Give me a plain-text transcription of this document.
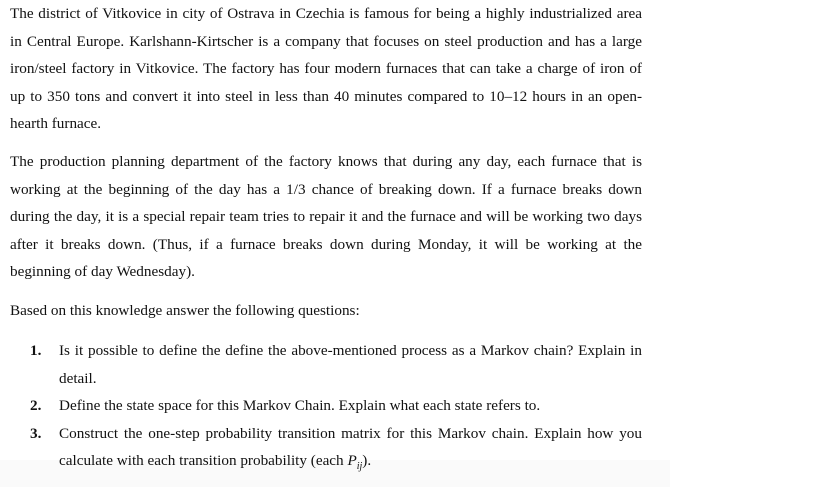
The district of Vitkovice in city of Ostrava in Czechia is famous for being a highly industrialized area in Central Europe. Karlshann-Kirtscher is a company that focuses on steel production and has a large iron/steel factory in Vitkovice. The factory has four modern furnaces that can take a charge of iron of up to 350 tons and convert it into steel in less than 40 minutes compared to 10–12 hours in an open-hearth furnace.

The production planning department of the factory knows that during any day, each furnace that is working at the beginning of the day has a 1/3 chance of breaking down. If a furnace breaks down during the day, it is a special repair team tries to repair it and the furnace and will be working two days after it breaks down. (Thus, if a furnace breaks down during Monday, it will be working at the beginning of day Wednesday).

Based on this knowledge answer the following questions:

1. Is it possible to define the define the above-mentioned process as a Markov chain? Explain in detail.
2. Define the state space for this Markov Chain. Explain what each state refers to.
3. Construct the one-step probability transition matrix for this Markov chain. Explain how you calculate with each transition probability (each $P_{ij}$).
